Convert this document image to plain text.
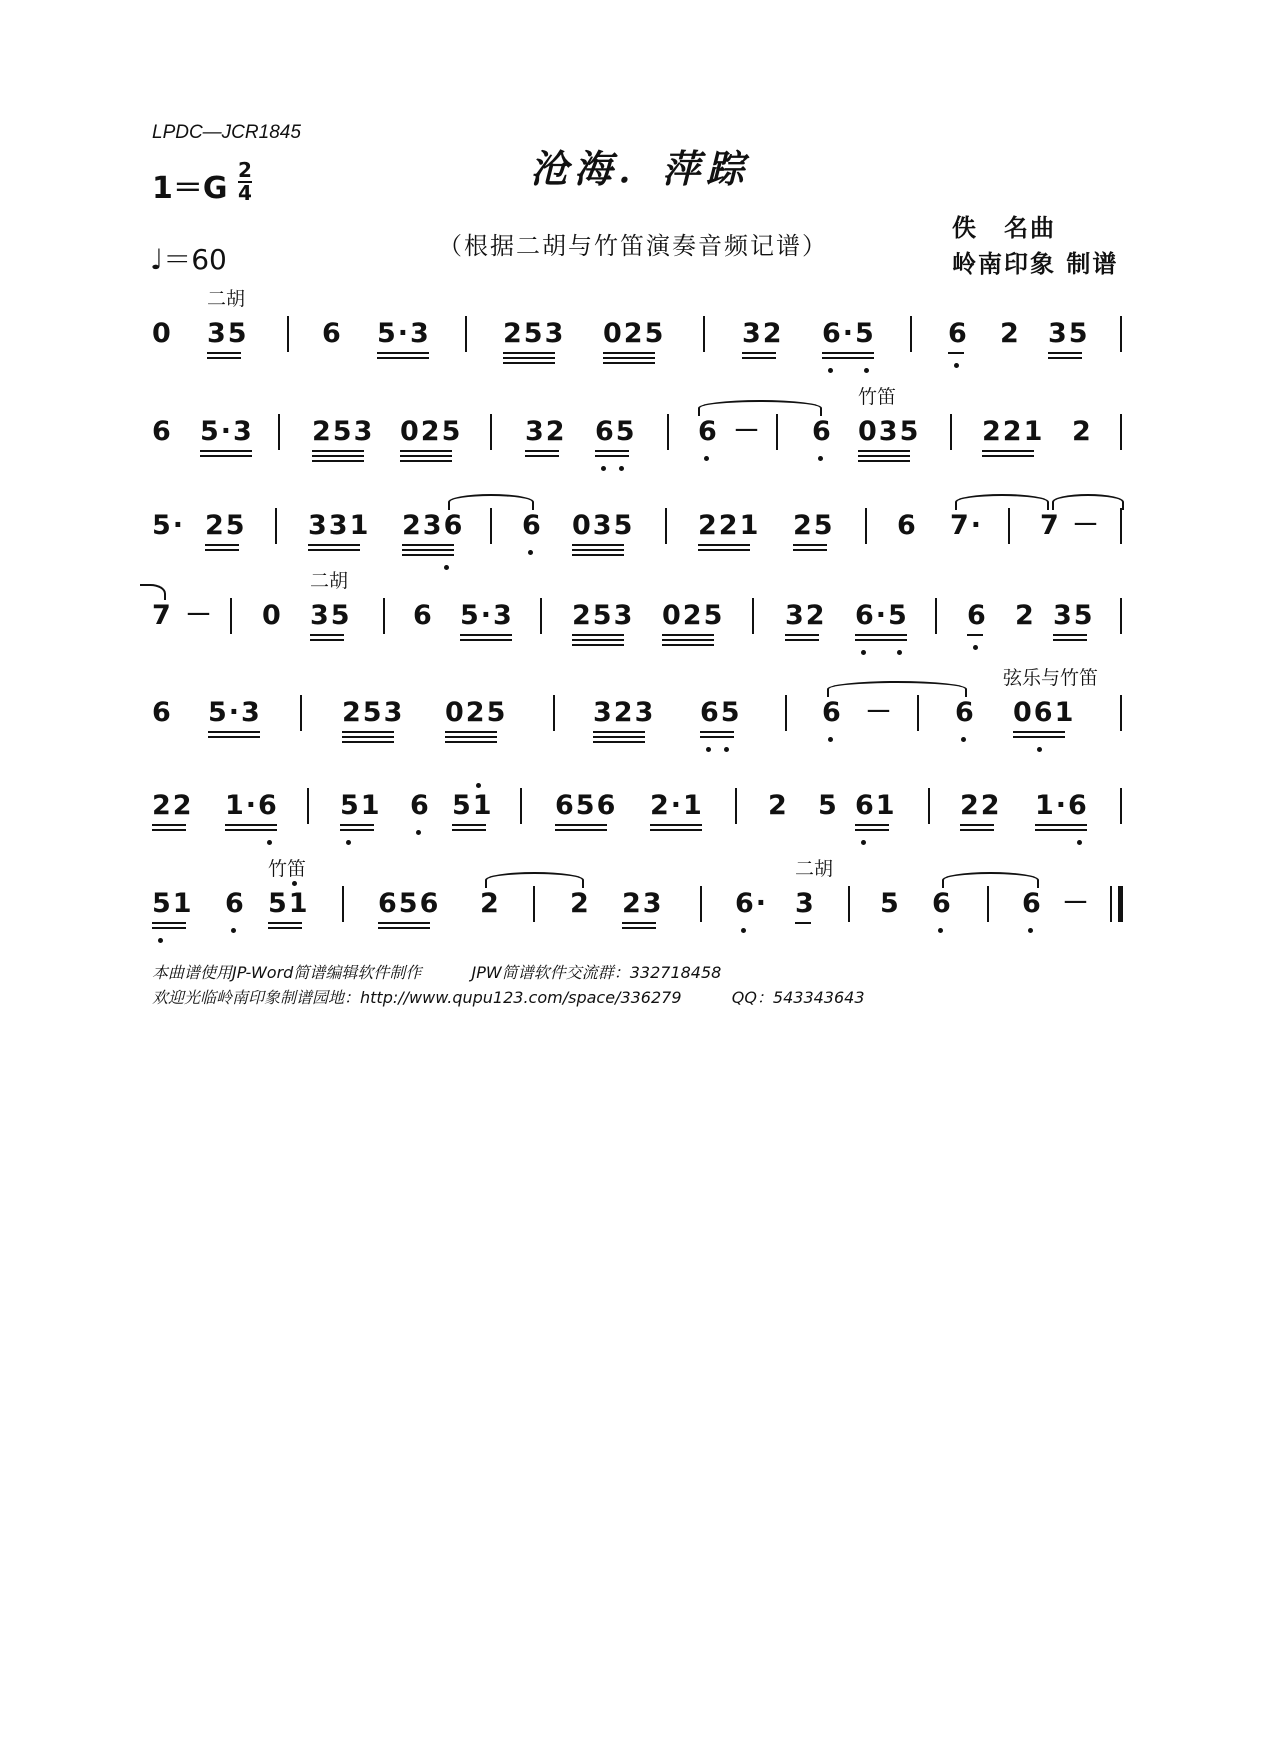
LPDC—JCR1845
$1=G \frac{2}{4}$
♩＝60
沧海．萍踪
（根据二胡与竹笛演奏音频记谱）
佚　名曲
岭南印象 制谱
0 35
二胡
6 5·3	253 025	32 6·5	6 2 35
6 5·3 253 025 32 65 6 － 6 035
竹笛
221 2
5· 25 331 236 6 035 221 25 6 7· 7 －
7 － 0 35
二胡
6 5·3 253 025 32 6·5 6 2 35
6 5·3	253 025	323 65	6 － 6 061
弦乐与竹笛
22 1·6 51 6 51 656 2·1 2 5 61 22 1·6
51 6 51
竹笛
656 2	2 23	6· 3
二胡
5 6	6 －
本曲谱使用JP-Word简谱编辑软件制作	JPW简谱软件交流群：332718458
欢迎光临岭南印象制谱园地：http://www.qupu123.com/space/336279	QQ：543343643
